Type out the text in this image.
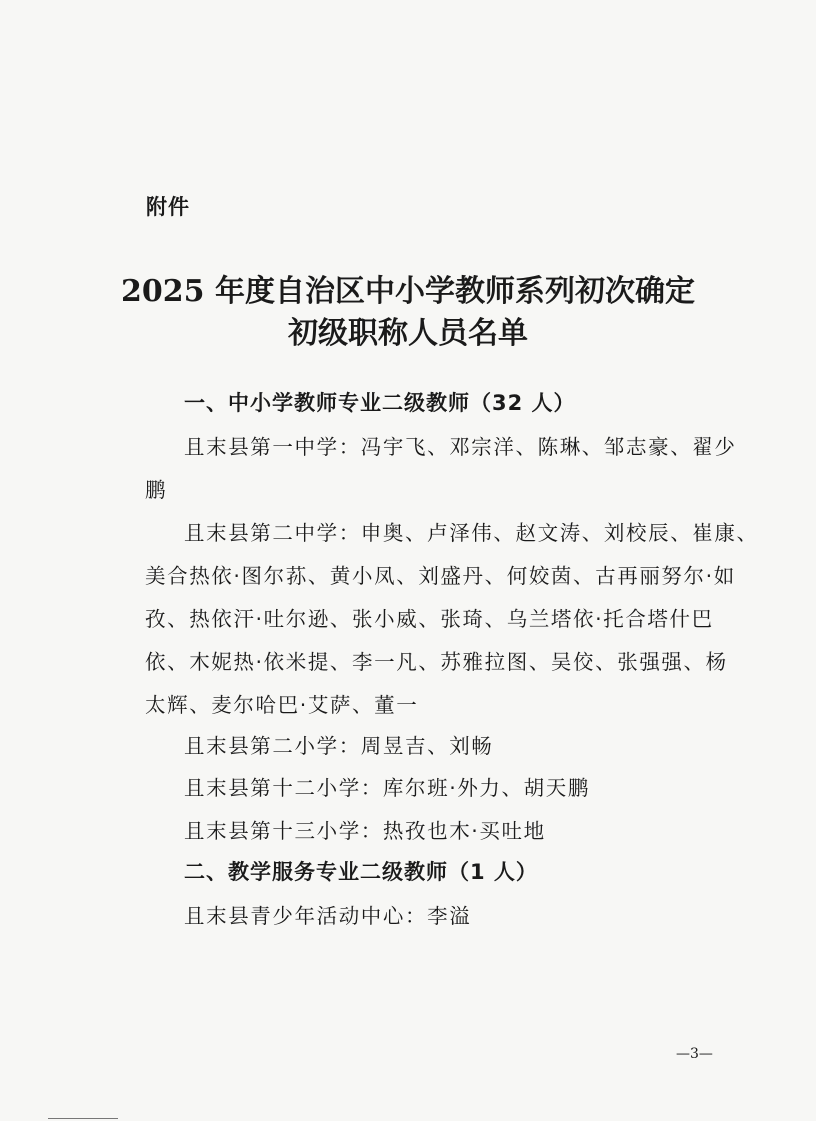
附件
2025 年度自治区中小学教师系列初次确定
初级职称人员名单
一、中小学教师专业二级教师（32 人）
且末县第一中学：冯宇飞、邓宗洋、陈琳、邹志豪、翟少
鹏
且末县第二中学：申奥、卢泽伟、赵文涛、刘校辰、崔康、
美合热依·图尔荪、黄小凤、刘盛丹、何姣茵、古再丽努尔·如
孜、热依汗·吐尔逊、张小威、张琦、乌兰塔依·托合塔什巴
依、木妮热·依米提、李一凡、苏雅拉图、吴佼、张强强、杨
太辉、麦尔哈巴·艾萨、董一
且末县第二小学：周昱吉、刘畅
且末县第十二小学：库尔班·外力、胡天鹏
且末县第十三小学：热孜也木·买吐地
二、教学服务专业二级教师（1 人）
且末县青少年活动中心：李溢
—3—
